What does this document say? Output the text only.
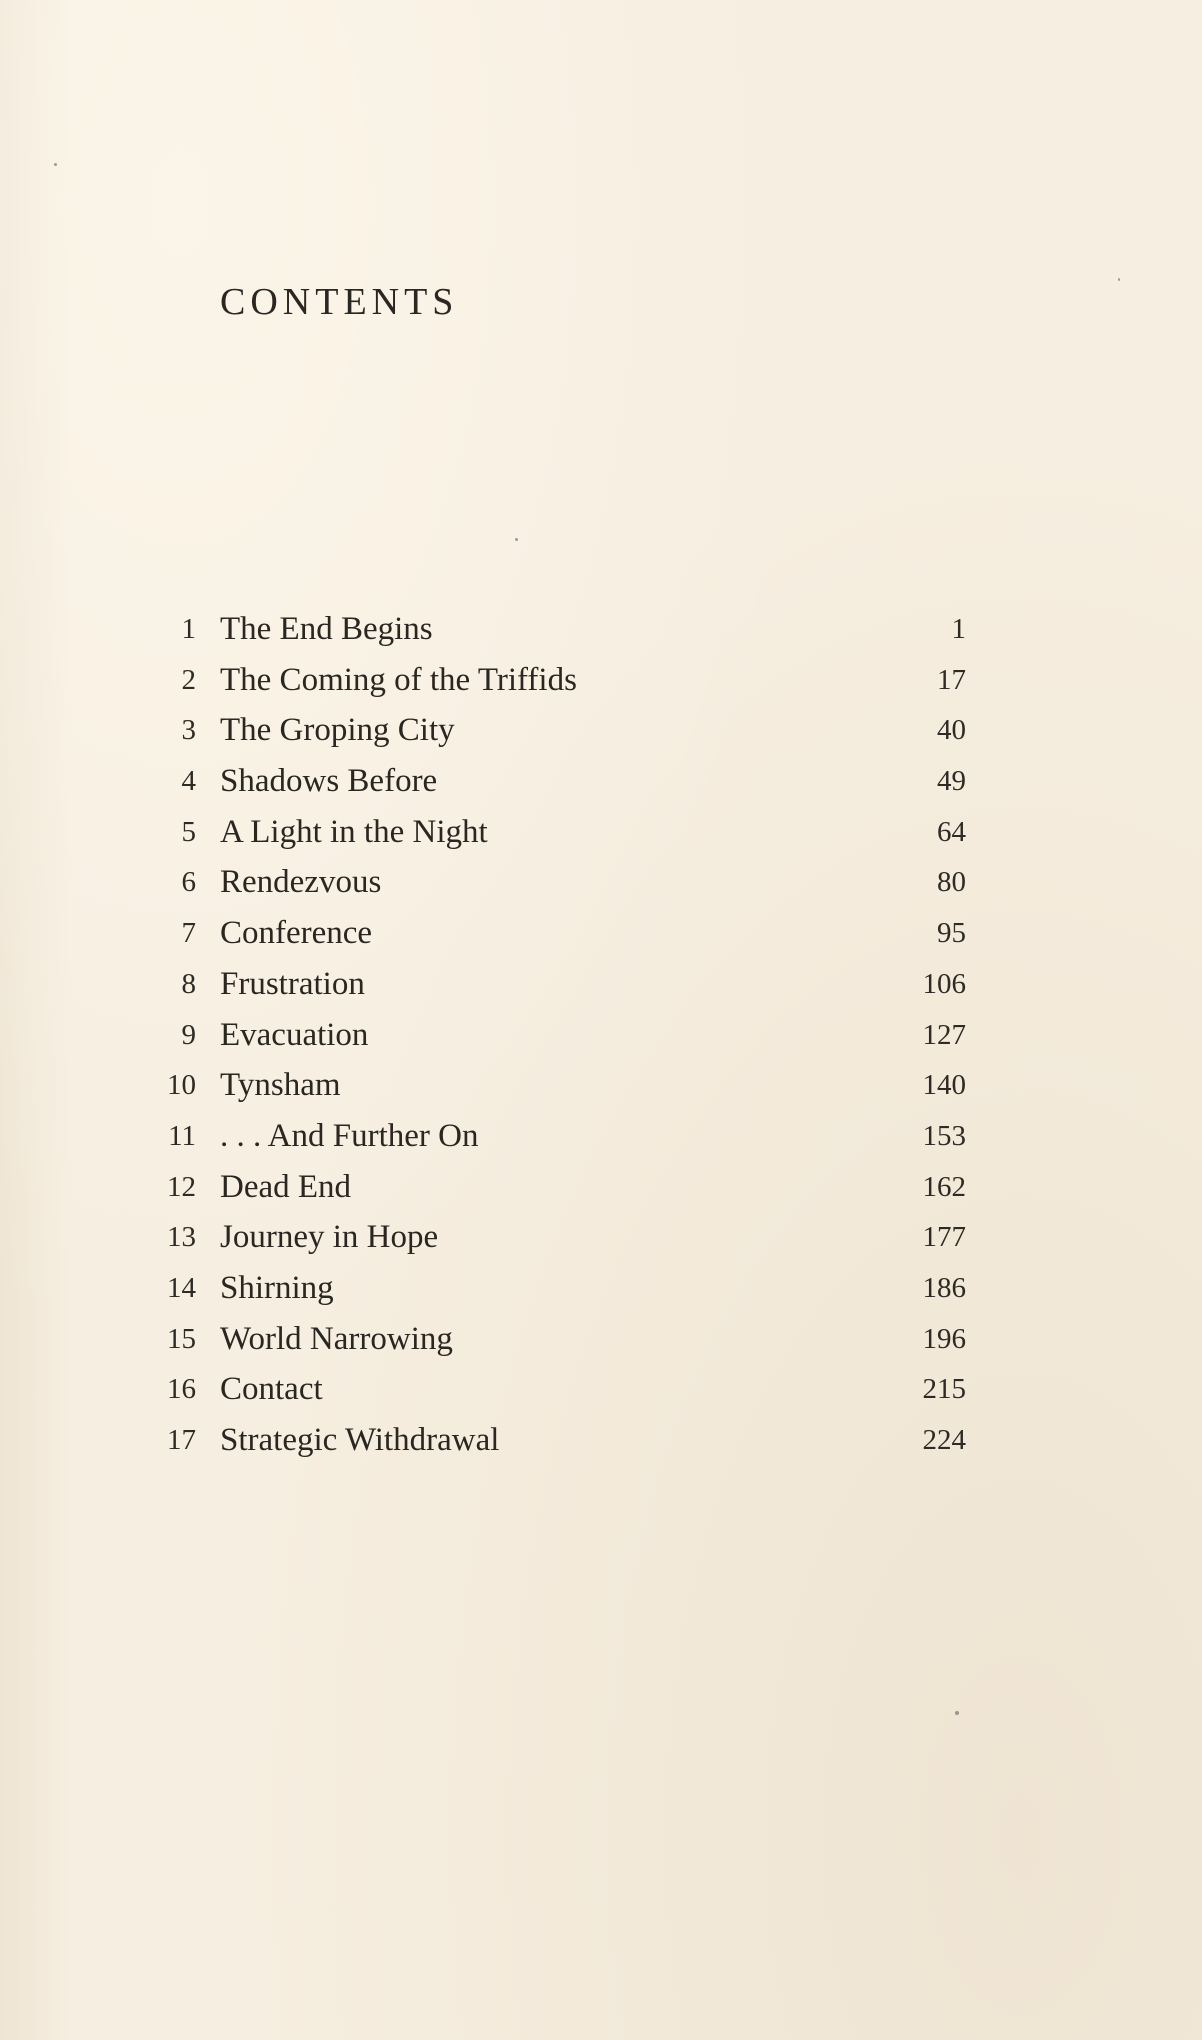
CONTENTS
1 The End Begins	1
2 The Coming of the Triffids	17
3 The Groping City	40
4 Shadows Before	49
5 A Light in the Night	64
6 Rendezvous	80
7 Conference	95
8 Frustration	106
9 Evacuation	127
10 Tynsham	140
11 . . . And Further On	153
12 Dead End	162
13 Journey in Hope	177
14 Shirning	186
15 World Narrowing	196
16 Contact	215
17 Strategic Withdrawal	224
